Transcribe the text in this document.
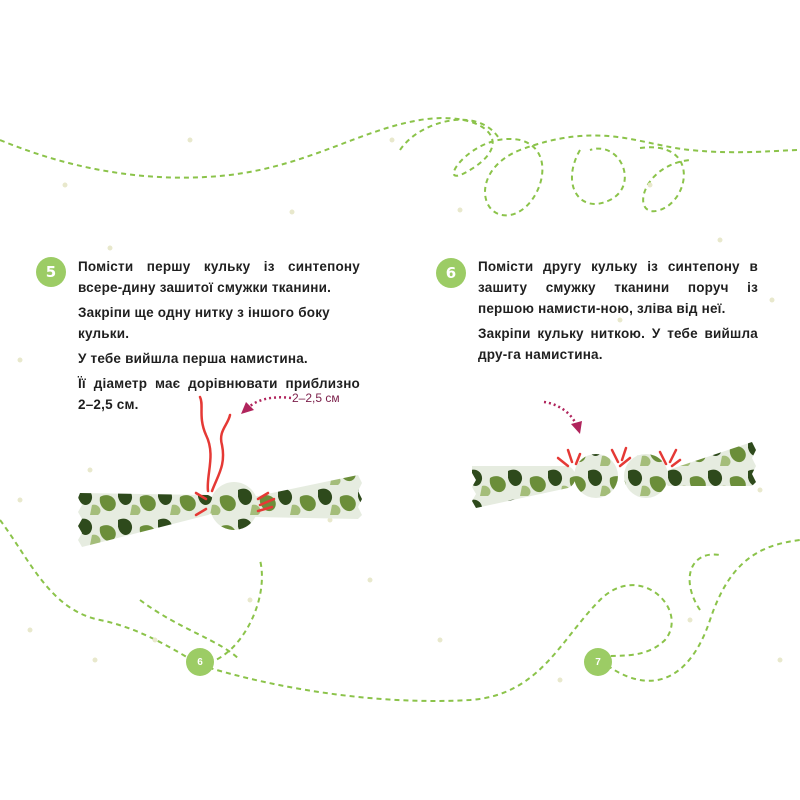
5 Помісти першу кульку із синтепону всере-дину зашитої смужки тканини.

Закріпи ще одну нитку з іншого боку кульки.

У тебе вийшла перша намистина.

Її діаметр має дорівнювати приблизно 2–2,5 см.

6 Помісти другу кульку із синтепону в зашиту смужку тканини поруч із першою намисти-ною, зліва від неї.

Закріпи кульку ниткою. У тебе вийшла дру-га намистина.

2–2,5 см
6	7
